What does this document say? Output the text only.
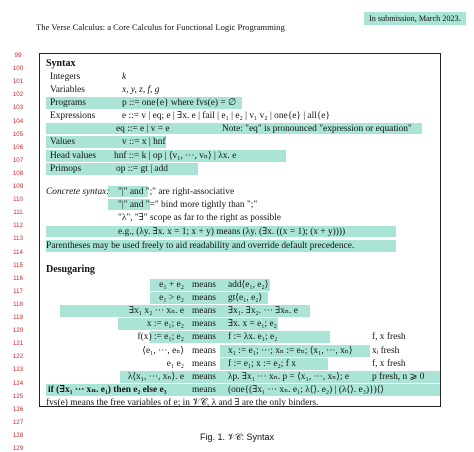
The Verse Calculus: a Core Calculus for Functional Logic Programming
In submission, March 2023.
99
100
101
102
103
104
105
106
107
108
109
110
111
112
113
114
115
116
117
118
119
120
121
122
123
124
125
126
127
128
129
Syntax
Integers	k
Variables	x, y, z, f, g
Programs	p ::= one{e} where fvs(e) = ∅
Expressions	e ::= v | eq; e | ∃x. e | fail | e₁ | e₂ | v₁ v₂ | one{e} | all{e}
eq ::= e | v = e	Note: "eq" is pronounced "expression or equation"
Values	v ::= x | hnf
Head values hnf ::= k | op | ⟨v₁, ⋯, vₙ⟩ | λx. e
Primops	op ::= gt | add
Concrete syntax: "|" and ";" are right-associative
"|" and "=" bind more tightly than ";"
"λ", "∃" scope as far to the right as possible
e.g., (λy. ∃x. x = 1; x + y) means (λy. (∃x. ((x = 1); (x + y))))
Parentheses may be used freely to aid readability and override default precedence.
Desugaring
e₁ + e₂ means add⟨e₁, e₂⟩
e₁ > e₂ means gt⟨e₁, e₂⟩
∃x₁ x₂ ⋯ xₙ. e means ∃x₁. ∃x₂. ⋯ ∃xₙ. e
x := e₁; e₂ means ∃x. x = e₁; e₂
f(x) := e₁; e₂ means f := λx. e₁; e₂	f, x fresh
⟨e₁, ⋯, eₙ⟩ means x₁ := e₁; ⋯; xₙ := eₙ; ⟨x₁, ⋯, xₙ⟩ xᵢ fresh
e₁ e₂ means f := e₁; x := e₂; f x	f, x fresh
λ⟨x₁, ⋯, xₙ⟩. e means λp. ∃x₁ ⋯ xₙ. p = ⟨x₁, ⋯, xₙ⟩; e p fresh, n ⩾ 0
if (∃x₁ ⋯ xₙ. e₁) then e₂ else e₃	means (one{(∃x₁ ⋯ xₙ. e₁; λ⟨⟩. e₂) | (λ⟨⟩. e₃)})⟨⟩
fvs(e) means the free variables of e; in 𝒱𝒞, λ and ∃ are the only binders.
Fig. 1. 𝒱𝒞: Syntax
